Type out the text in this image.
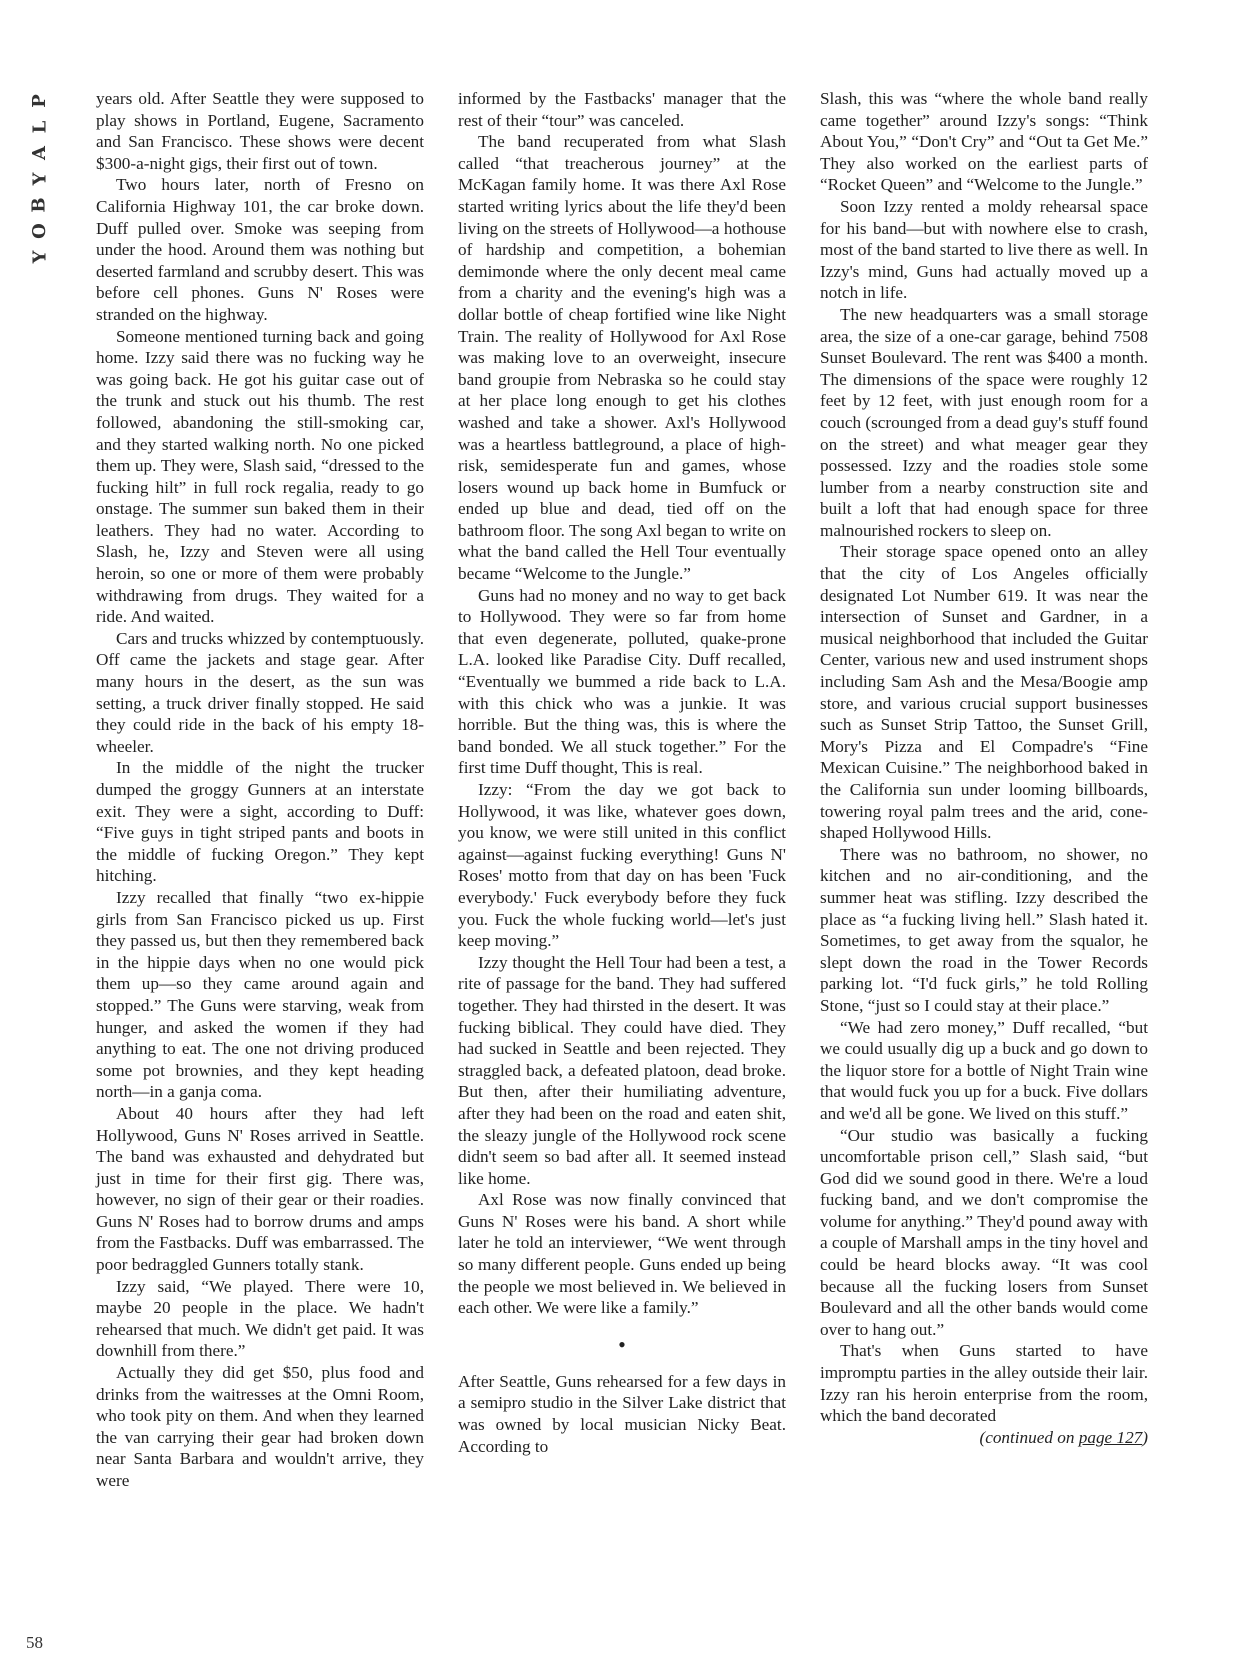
P
L
A
Y
B
O
Y

years old. After Seattle they were supposed to play shows in Portland, Eugene, Sacramento and San Francisco. These shows were decent $300-a-night gigs, their first out of town.

Two hours later, north of Fresno on California Highway 101, the car broke down. Duff pulled over. Smoke was seeping from under the hood. Around them was nothing but deserted farmland and scrubby desert. This was before cell phones. Guns N' Roses were stranded on the highway.

Someone mentioned turning back and going home. Izzy said there was no fucking way he was going back. He got his guitar case out of the trunk and stuck out his thumb. The rest followed, abandoning the still-smoking car, and they started walking north. No one picked them up. They were, Slash said, “dressed to the fucking hilt” in full rock regalia, ready to go onstage. The summer sun baked them in their leathers. They had no water. According to Slash, he, Izzy and Steven were all using heroin, so one or more of them were probably withdrawing from drugs. They waited for a ride. And waited.

Cars and trucks whizzed by contemptuously. Off came the jackets and stage gear. After many hours in the desert, as the sun was setting, a truck driver finally stopped. He said they could ride in the back of his empty 18-wheeler.

In the middle of the night the trucker dumped the groggy Gunners at an interstate exit. They were a sight, according to Duff: “Five guys in tight striped pants and boots in the middle of fucking Oregon.” They kept hitching.

Izzy recalled that finally “two ex-hippie girls from San Francisco picked us up. First they passed us, but then they remembered back in the hippie days when no one would pick them up—so they came around again and stopped.” The Guns were starving, weak from hunger, and asked the women if they had anything to eat. The one not driving produced some pot brownies, and they kept heading north—in a ganja coma.

About 40 hours after they had left Hollywood, Guns N' Roses arrived in Seattle. The band was exhausted and dehydrated but just in time for their first gig. There was, however, no sign of their gear or their roadies. Guns N' Roses had to borrow drums and amps from the Fastbacks. Duff was embarrassed. The poor bedraggled Gunners totally stank.

Izzy said, “We played. There were 10, maybe 20 people in the place. We hadn't rehearsed that much. We didn't get paid. It was downhill from there.”

Actually they did get $50, plus food and drinks from the waitresses at the Omni Room, who took pity on them. And when they learned the van carrying their gear had broken down near Santa Barbara and wouldn't arrive, they were

informed by the Fastbacks' manager that the rest of their “tour” was canceled.

The band recuperated from what Slash called “that treacherous journey” at the McKagan family home. It was there Axl Rose started writing lyrics about the life they'd been living on the streets of Hollywood—a hothouse of hardship and competition, a bohemian demimonde where the only decent meal came from a charity and the evening's high was a dollar bottle of cheap fortified wine like Night Train. The reality of Hollywood for Axl Rose was making love to an overweight, insecure band groupie from Nebraska so he could stay at her place long enough to get his clothes washed and take a shower. Axl's Hollywood was a heartless battleground, a place of high-risk, semidesperate fun and games, whose losers wound up back home in Bumfuck or ended up blue and dead, tied off on the bathroom floor. The song Axl began to write on what the band called the Hell Tour eventually became “Welcome to the Jungle.”

Guns had no money and no way to get back to Hollywood. They were so far from home that even degenerate, polluted, quake-prone L.A. looked like Paradise City. Duff recalled, “Eventually we bummed a ride back to L.A. with this chick who was a junkie. It was horrible. But the thing was, this is where the band bonded. We all stuck together.” For the first time Duff thought, This is real.

Izzy: “From the day we got back to Hollywood, it was like, whatever goes down, you know, we were still united in this conflict against—against fucking everything! Guns N' Roses' motto from that day on has been 'Fuck everybody.' Fuck everybody before they fuck you. Fuck the whole fucking world—let's just keep moving.”

Izzy thought the Hell Tour had been a test, a rite of passage for the band. They had suffered together. They had thirsted in the desert. It was fucking biblical. They could have died. They had sucked in Seattle and been rejected. They straggled back, a defeated platoon, dead broke. But then, after their humiliating adventure, after they had been on the road and eaten shit, the sleazy jungle of the Hollywood rock scene didn't seem so bad after all. It seemed instead like home.

Axl Rose was now finally convinced that Guns N' Roses were his band. A short while later he told an interviewer, “We went through so many different people. Guns ended up being the people we most believed in. We believed in each other. We were like a family.”

•

After Seattle, Guns rehearsed for a few days in a semipro studio in the Silver Lake district that was owned by local musician Nicky Beat. According to

Slash, this was “where the whole band really came together” around Izzy's songs: “Think About You,” “Don't Cry” and “Out ta Get Me.” They also worked on the earliest parts of “Rocket Queen” and “Welcome to the Jungle.”

Soon Izzy rented a moldy rehearsal space for his band—but with nowhere else to crash, most of the band started to live there as well. In Izzy's mind, Guns had actually moved up a notch in life.

The new headquarters was a small storage area, the size of a one-car garage, behind 7508 Sunset Boulevard. The rent was $400 a month. The dimensions of the space were roughly 12 feet by 12 feet, with just enough room for a couch (scrounged from a dead guy's stuff found on the street) and what meager gear they possessed. Izzy and the roadies stole some lumber from a nearby construction site and built a loft that had enough space for three malnourished rockers to sleep on.

Their storage space opened onto an alley that the city of Los Angeles officially designated Lot Number 619. It was near the intersection of Sunset and Gardner, in a musical neighborhood that included the Guitar Center, various new and used instrument shops including Sam Ash and the Mesa/Boogie amp store, and various crucial support businesses such as Sunset Strip Tattoo, the Sunset Grill, Mory's Pizza and El Compadre's “Fine Mexican Cuisine.” The neighborhood baked in the California sun under looming billboards, towering royal palm trees and the arid, cone-shaped Hollywood Hills.

There was no bathroom, no shower, no kitchen and no air-conditioning, and the summer heat was stifling. Izzy described the place as “a fucking living hell.” Slash hated it. Sometimes, to get away from the squalor, he slept down the road in the Tower Records parking lot. “I'd fuck girls,” he told Rolling Stone, “just so I could stay at their place.”

“We had zero money,” Duff recalled, “but we could usually dig up a buck and go down to the liquor store for a bottle of Night Train wine that would fuck you up for a buck. Five dollars and we'd all be gone. We lived on this stuff.”

“Our studio was basically a fucking uncomfortable prison cell,” Slash said, “but God did we sound good in there. We're a loud fucking band, and we don't compromise the volume for anything.” They'd pound away with a couple of Marshall amps in the tiny hovel and could be heard blocks away. “It was cool because all the fucking losers from Sunset Boulevard and all the other bands would come over to hang out.”

That's when Guns started to have impromptu parties in the alley outside their lair. Izzy ran his heroin enterprise from the room, which the band decorated

(continued on page 127)

58
